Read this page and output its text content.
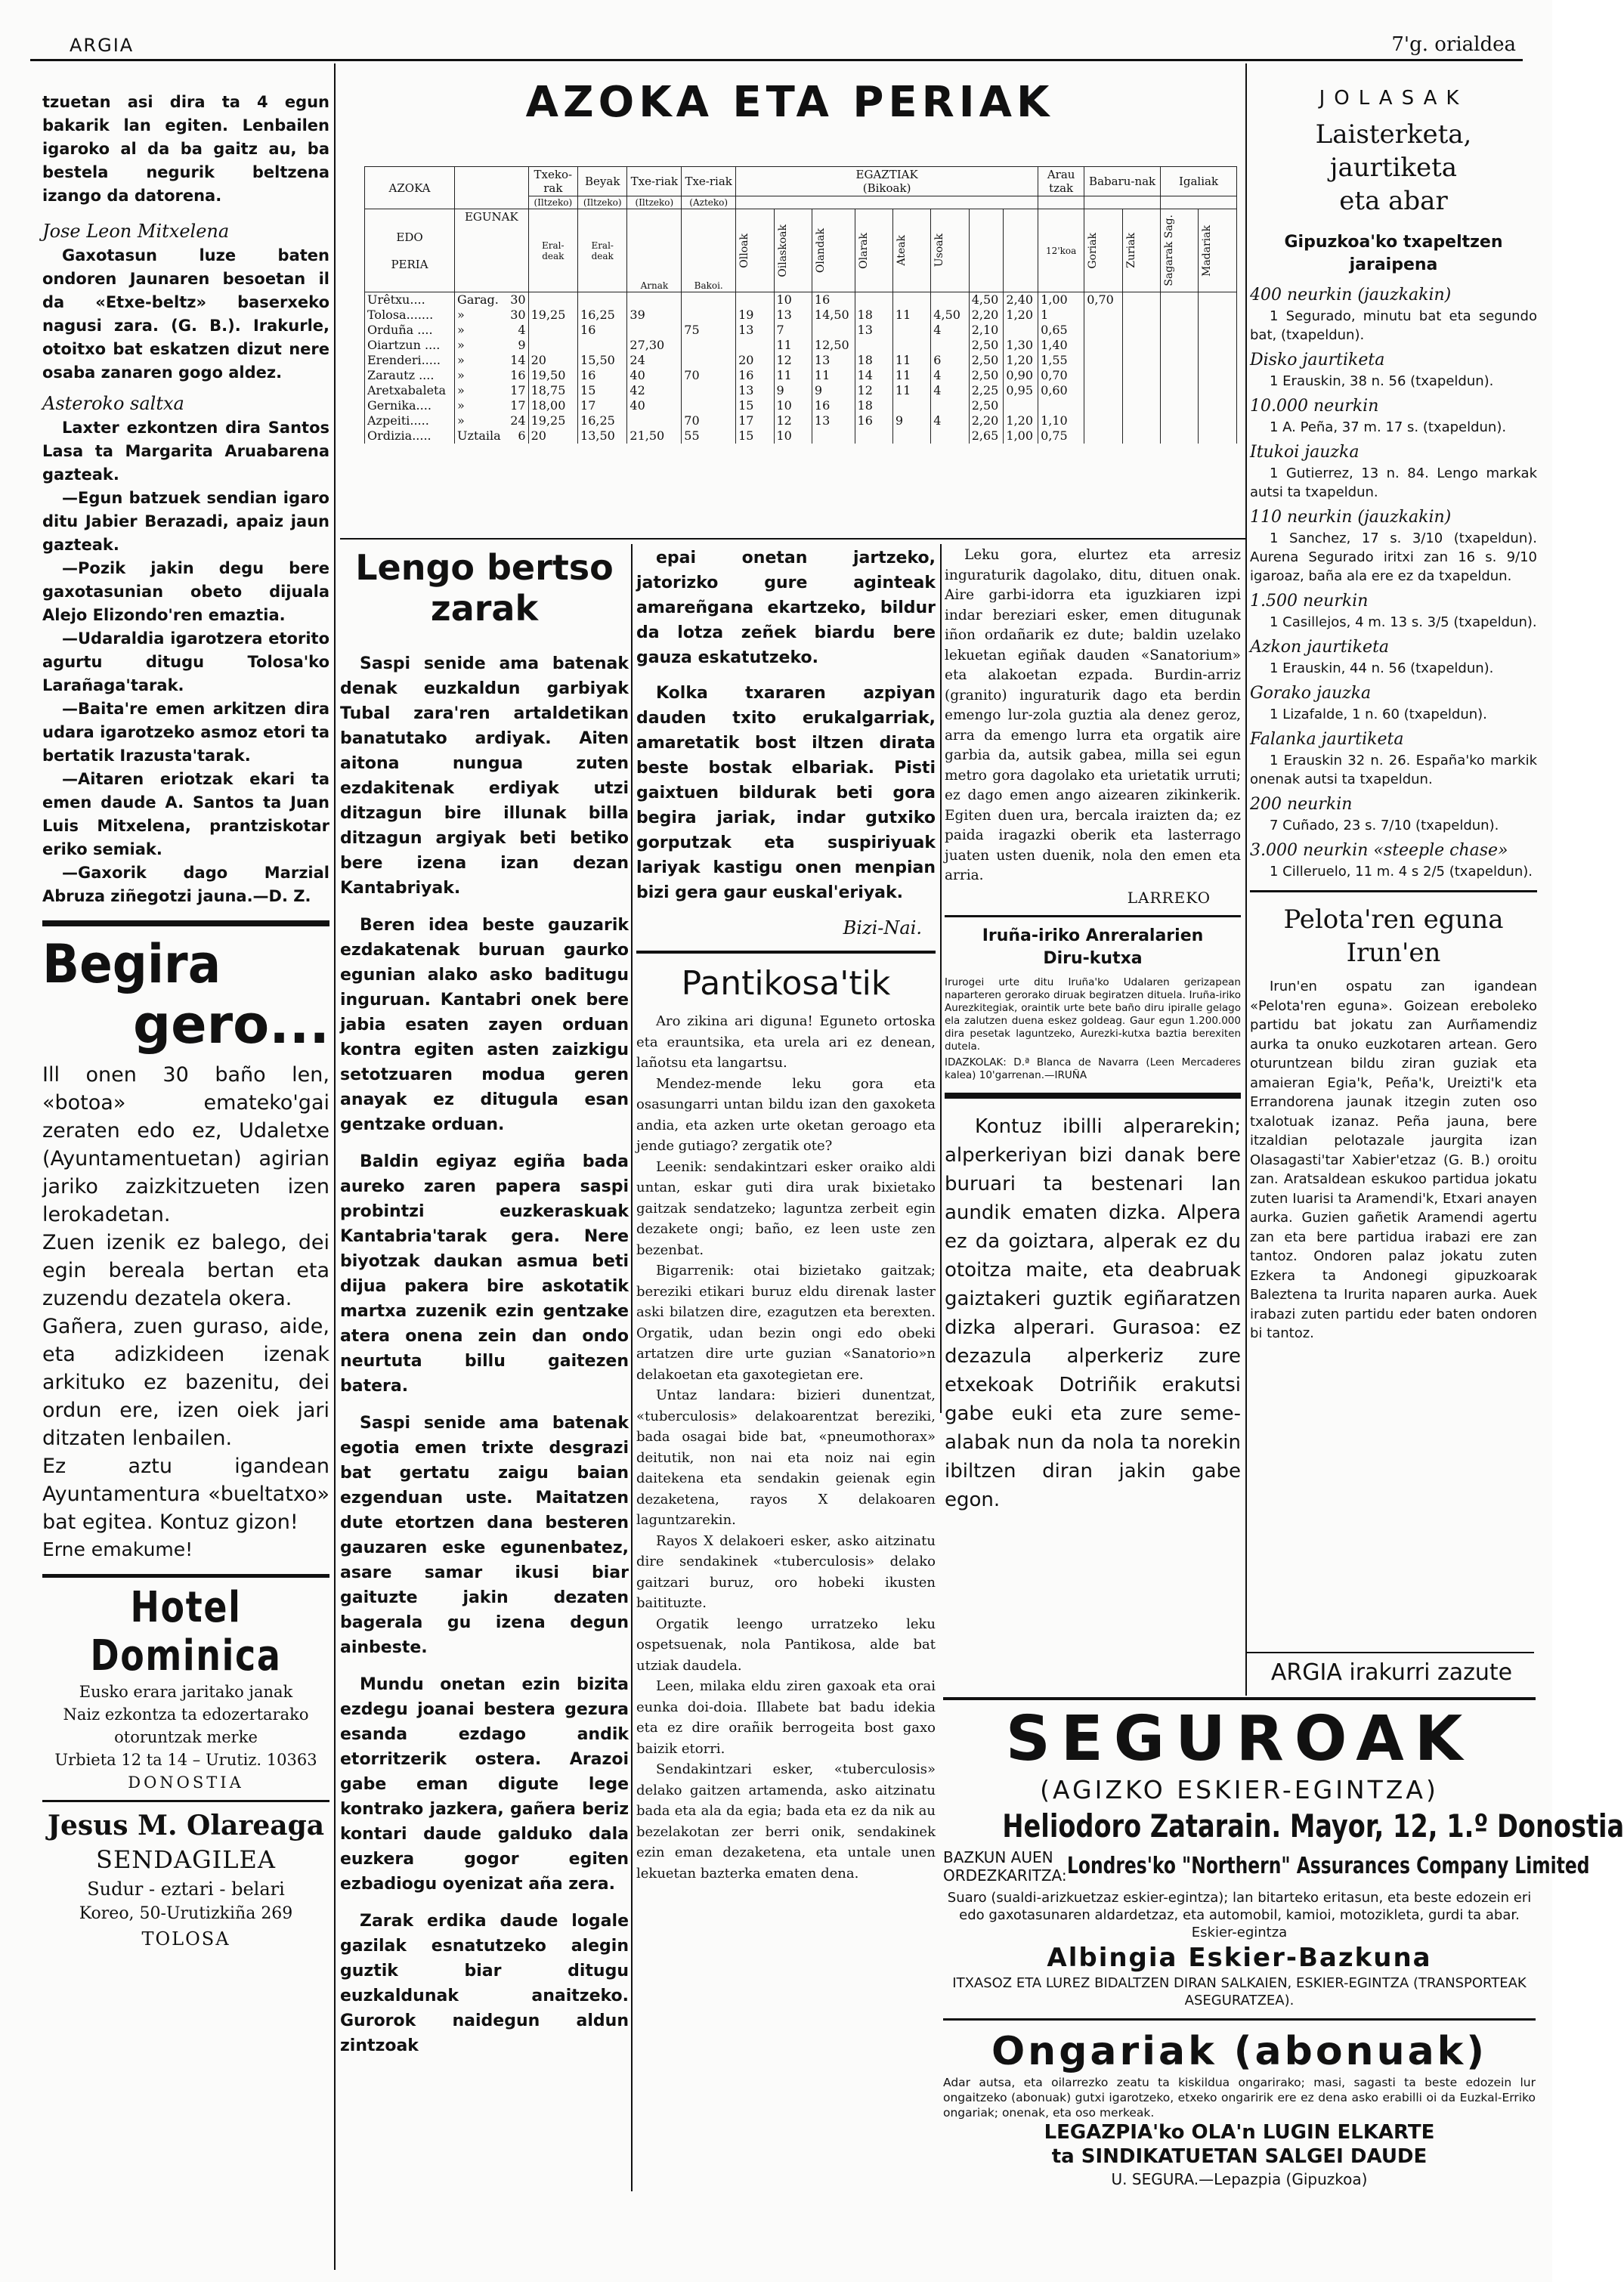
ARGIA	7'g. orialdea

tzuetan asi dira ta 4 egun bakarik lan egiten. Lenbailen igaroko al da ba gaitz au, ba bestela negurik beltzena izango da datorena.

Jose Leon Mitxelena

Gaxotasun luze baten ondoren Jaunaren besoetan il da «Etxe-beltz» baserxeko nagusi zara. (G. B.). Irakurle, otoitxo bat eskatzen dizut nere osaba zanaren gogo aldez.

Asteroko saltxa

Laxter ezkontzen dira Santos Lasa ta Margarita Aruabarena gazteak.

—Egun batzuek sendian igaro ditu Jabier Berazadi, apaiz jaun gazteak.

—Pozik jakin degu bere gaxotasunian obeto dijuala Alejo Elizondo'ren emaztia.

—Udaraldia igarotzera etorito agurtu ditugu Tolosa'ko Larañaga'tarak.

—Baita're emen arkitzen dira udara igarotzeko asmoz etori ta bertatik Irazusta'tarak.

—Aitaren eriotzak ekari ta emen daude A. Santos ta Juan Luis Mitxelena, prantziskotar eriko semiak.

—Gaxorik dago Marzial Abruza ziñegotzi jauna.—D. Z.

Begira
gero...

Ill onen 30 baño len, «botoa» emateko'gai zeraten edo ez, Udaletxe (Ayuntamentuetan) agirian jariko zaizkitzueten izen lerokadetan.

Zuen izenik ez balego, dei egin bereala bertan eta zuzendu dezatela okera.

Gañera, zuen guraso, aide, eta adizkideen izenak arkituko ez bazenitu, dei ordun ere, izen oiek jari ditzaten lenbailen.

Ez aztu igandean Ayuntamentura «bueltatxo» bat egitea. Kontuz gizon!

Erne emakume!

Hotel Dominica
Eusko erara jaritako janak
Naiz ezkontza ta edozertarako otoruntzak merke
Urbieta 12 ta 14 – Urutiz. 10363
DONOSTIA
Jesus M. Olareaga
SENDAGILEA
Sudur - eztari - belari
Koreo, 50-Urutizkiña 269
TOLOSA
AZOKA ETA PERIAK
AZOKA		Txeko-rak	Beyak	Txe-riak	Txe-riak	EGAZTIAK
(Bikoak)								Arau tzak	Babaru-nak		Igaliak	
		(Iltzeko)	(Iltzeko)	(Iltzeko)	(Azteko)													
EDO

PERIA	EGUNAK	Eral-deak	Eral-deak	Arnak	Bakoi.	Olloak	Oilaskoak	Olandak	Olarak	Ateak	Usoak			12'koa	Goriak	Zuriak	Sagarak Sag.	Madariak

Urêtxu....	Garag. 30						10	16				4,50	2,40	1,00	0,70			
Tolosa.......	» 30	19,25	16,25	39		19	13	14,50	18	11	4,50	2,20	1,20	1				
Orduña ....	» 4		16		75	13	7		13		4	2,10		0,65				
Oiartzun ....	» 9			27,30			11	12,50				2,50	1,30	1,40				
Erenderi.....	» 14	20	15,50	24		20	12	13	18	11	6	2,50	1,20	1,55				
Zarautz ....	» 16	19,50	16	40	70	16	11	11	14	11	4	2,50	0,90	0,70				
Aretxabaleta	» 17	18,75	15	42		13	9	9	12	11	4	2,25	0,95	0,60				
Gernika....	» 17	18,00	17	40		15	10	16	18			2,50						
Azpeiti.....	» 24	19,25	16,25		70	17	12	13	16	9	4	2,20	1,20	1,10				
Ordizia.....	Uztaila 6	20	13,50	21,50	55	15	10					2,65	1,00	0,75				
Lengo bertso
zarak

Saspi senide ama batenak denak euzkaldun garbiyak Tubal zara'ren artaldetikan banatutako ardiyak. Aiten aitona nungua zuten ezdakitenak erdiyak utzi ditzagun bire illunak billa ditzagun argiyak beti betiko bere izena izan dezan Kantabriyak.

Beren idea beste gauzarik ezdakatenak buruan gaurko egunian alako asko baditugu inguruan. Kantabri onek bere jabia esaten zayen orduan kontra egiten asten zaizkigu setotzuaren modua geren anayak ez ditugula esan gentzake orduan.

Baldin egiyaz egiña bada aureko zaren papera saspi probintzi euzkeraskuak Kantabria'tarak gera. Nere biyotzak daukan asmua beti dijua pakera bire askotatik martxa zuzenik ezin gentzake atera onena zein dan ondo neurtuta billu gaitezen batera.

Saspi senide ama batenak egotia emen trixte desgrazi bat gertatu zaigu baian ezgenduan uste. Maitatzen dute etortzen dana besteren gauzaren eske egunenbatez, asare samar ikusi biar gaituzte jakin dezaten bagerala gu izena degun ainbeste.

Mundu onetan ezin bizita ezdegu joanai besterа gezura esanda ezdago andik etorritzerik ostera. Arazoi gabe eman digute lege kontrako jazkera, gañera beriz kontari daude galduko dala euzkera gogor egiten ezbadiogu oyenizat aña zera.

Zarak erdika daude logale gazilak esnatutzeko alegin guztik biar ditugu euzkaldunak anaitzeko. Gurorok naidegun aldun zintzoak

epai onetan jartzeko, jatorizko gure aginteak amareñgana ekartzeko, bildur da lotza zeñek biardu bere gauza eskatutzeko.

Kolka txararen azpiyan dauden txito erukalgarriak, amaretatik bost iltzen dirata beste bostak elbariak. Pisti gaixtuen bildurak beti gora begira jariak, indar gutxiko gorputzak eta suspiriyuak lariyak kastigu onen menpian bizi gera gaur euskal'eriyak.

Bizi-Nai.
Pantikosa'tik

Aro zikina ari diguna! Eguneto ortoska eta erauntsika, eta urela ari ez denean, lañotsu eta langartsu.

Mendez-mende leku gora eta osasungarri untan bildu izan den gaxoketa andia, eta azken urte oketan geroago eta jende gutiago? zergatik ote?

Leenik: sendakintzari esker oraiko aldi untan, eskar guti dira urak bixietako gaitzak sendatzeko; laguntza zerbeit egin dezakete ongi; baño, ez leen uste zen bezenbat.

Bigarrenik: otai bizietako gaitzak; bereziki etikari buruz eldu direnak laster aski bilatzen dire, ezagutzen eta berexten. Orgatik, udan bezin ongi edo obeki artatzen dire urte guzian «Sanatorio»n delakoetan eta gaxotegietan ere.

Untaz landara: bizieri dunentzat, «tuberculosis» delakoarentzat bereziki, bada osagai bide bat, «pneumothorax» deitutik, non nai eta noiz nai egin daitekena eta sendakin geienak egin dezaketena, rayos X delakoaren laguntzarekin.

Rayos X delakoeri esker, asko aitzinatu dire sendakinek «tuberculosis» delako gaitzari buruz, oro hobeki ikusten baitituzte.

Orgatik leengo urratzeko leku ospetsuenak, nola Pantikosa, alde bat utziak daudela.

Leen, milaka eldu ziren gaxoak eta orai eunka doi-doia. Illabete bat badu idekia eta ez dire orañik berrogeita bost gaxo baizik etorri.

Sendakintzari esker, «tuberculosis» delako gaitzen artamenda, asko aitzinatu bada eta ala da egia; bada eta ez da nik au bezelakotan zer berri onik, sendakinek ezin eman dezaketena, eta untale unen lekuetan bazterka ematen dena.

Leku gora, elurtez eta arresiz inguraturik dagolako, ditu, dituen onak. Aire garbi-idorra eta iguzkiaren izpi indar bereziari esker, emen ditugunak iñon ordañarik ez dute; baldin uzelako lekuetan egiñak dauden «Sanatorium» eta alakoetan ezpada. Burdin-arriz (granito) inguraturik dago eta berdin emengo lur-zola guztia ala denez geroz, arra da emengo lurra eta orgatik aire garbia da, autsik gabea, milla sei egun metro gora dagolako eta urietatik urruti; ez dago emen ango aizearen zikinkerik. Egiten duen ura, bercala iraizten da; ez paida iragazki oberik eta lasterrago juaten usten duenik, nola den emen eta arria.

LARREKO
Iruña-iriko Anreralarien
Diru-kutxa

Irurogei urte ditu Iruña'ko Udalaren gerizapean naparteren gerorako diruak begiratzen dituela. Iruña-iriko Aurezkitegiak, oraintik urte bete baño diru ipiralle gelago ela zalutzen duena eskez goldeag. Gaur egun 1.200.000 dira pesetak laguntzeko, Aurezki-kutxa baztia berexiten dutela.

IDAZKOLAK: D.ª Blanca de Navarra (Leen Mercaderes kalea) 10'garrenan.—IRUÑA

Kontuz ibilli alperarekin; alperkeriyan bizi danak bere buruari ta bestenari lan aundik ematen dizka. Alpera ez da goiztara, alperak ez du otoitza maite, eta deabruak gaiztakeri guztik egiñaratzen dizka alperari. Gurasoa: ez dezazula alperkeriz zure etxekoak Dotriñik erakutsi gabe euki eta zure seme-alabak nun da nola ta norekin ibiltzen diran jakin gabe egon.

JOLASAK
Laisterketa, jaurtiketa
eta abar
Gipuzkoa'ko txapeltzen jaraipena
400 neurkin (jauzkakin)

1 Segurado, minutu bat eta segundo bat, (txapeldun).

Disko jaurtiketa

1 Erauskin, 38 n. 56 (txapeldun).

10.000 neurkin

1 A. Peña, 37 m. 17 s. (txapeldun).

Itukoi jauzka

1 Gutierrez, 13 n. 84. Lengo markak autsi ta txapeldun.

110 neurkin (jauzkakin)

1 Sanchez, 17 s. 3/10 (txapeldun). Aurena Segurado iritxi zan 16 s. 9/10 igaroaz, baña ala ere ez da txapeldun.

1.500 neurkin

1 Casillejos, 4 m. 13 s. 3/5 (txapeldun).

Azkon jaurtiketa

1 Erauskin, 44 n. 56 (txapeldun).

Gorako jauzka

1 Lizafalde, 1 n. 60 (txapeldun).

Falanka jaurtiketa

1 Erauskin 32 n. 26. España'ko markik onenak autsi ta txapeldun.

200 neurkin

7 Cuñado, 23 s. 7/10 (txapeldun).

3.000 neurkin «steeple chase»

1 Cilleruelo, 11 m. 4 s 2/5 (txapeldun).

Pelota'ren eguna
Irun'en

Irun'en ospatu zan igandean «Pelota'ren eguna». Goizean ereboleko partidu bat jokatu zan Aurñamendiz aurka ta onuko euzkotaren artean. Gero oturuntzean bildu ziran guziak eta amaieran Egia'k, Peña'k, Ureizti'k eta Errandorena jaunak itzegin zuten oso txalotuak izanaz. Peña jauna, bere itzaldian pelotazale jaurgita izan Olasagasti'tar Xabier'etzaz (G. B.) oroitu zan. Aratsaldean eskukoo partidua jokatu zuten Iuarisi ta Aramendi'k, Etxari anayen aurka. Guzien gañetik Aramendi agertu zan eta bere partidua irabazi ere zan tantoz. Ondoren palaz jokatu zuten Ezkera ta Andonegi gipuzkoarak Baleztena ta Irurita naparen aurka. Auek irabazi zuten partidu eder baten ondoren bi tantoz.

ARGIA irakurri zazute
SEGUROAK
(AGIZKO ESKIER-EGINTZA)
Heliodoro Zatarain. Mayor, 12, 1.º Donostia
BAZKUN AUEN
ORDEZKARITZA: Londres'ko "Northern" Assurances Company Limited

Suaro (sualdi-arizkuetzaz eskier-egintza); lan bitarteko eritasun, eta beste edozein eri edo gaxotasunaren aldardetzaz, eta automobil, kamioi, motozikleta, gurdi ta abar. Eskier-egintza

Albingia Eskier-Bazkuna

ITXASOZ ETA LUREZ BIDALTZEN DIRAN SALKAIEN, ESKIER-EGINTZA (TRANSPORTEAK ASEGURATZEA).

Ongariak (abonuak)

Adar autsa, eta oilarrezko zeatu ta kiskildua ongarirako; masi, sagasti ta beste edozein lur ongaitzeko (abonuak) gutxi igarotzeko, etxeko ongaririk ere ez dena asko erabilli oi da Euzkal-Erriko ongariak; onenak, eta oso merkeak.

LEGAZPIA'ko OLA'n LUGIN ELKARTE
ta SINDIKATUETAN SALGEI DAUDE
U. SEGURA.—Lepazpia (Gipuzkoa)
